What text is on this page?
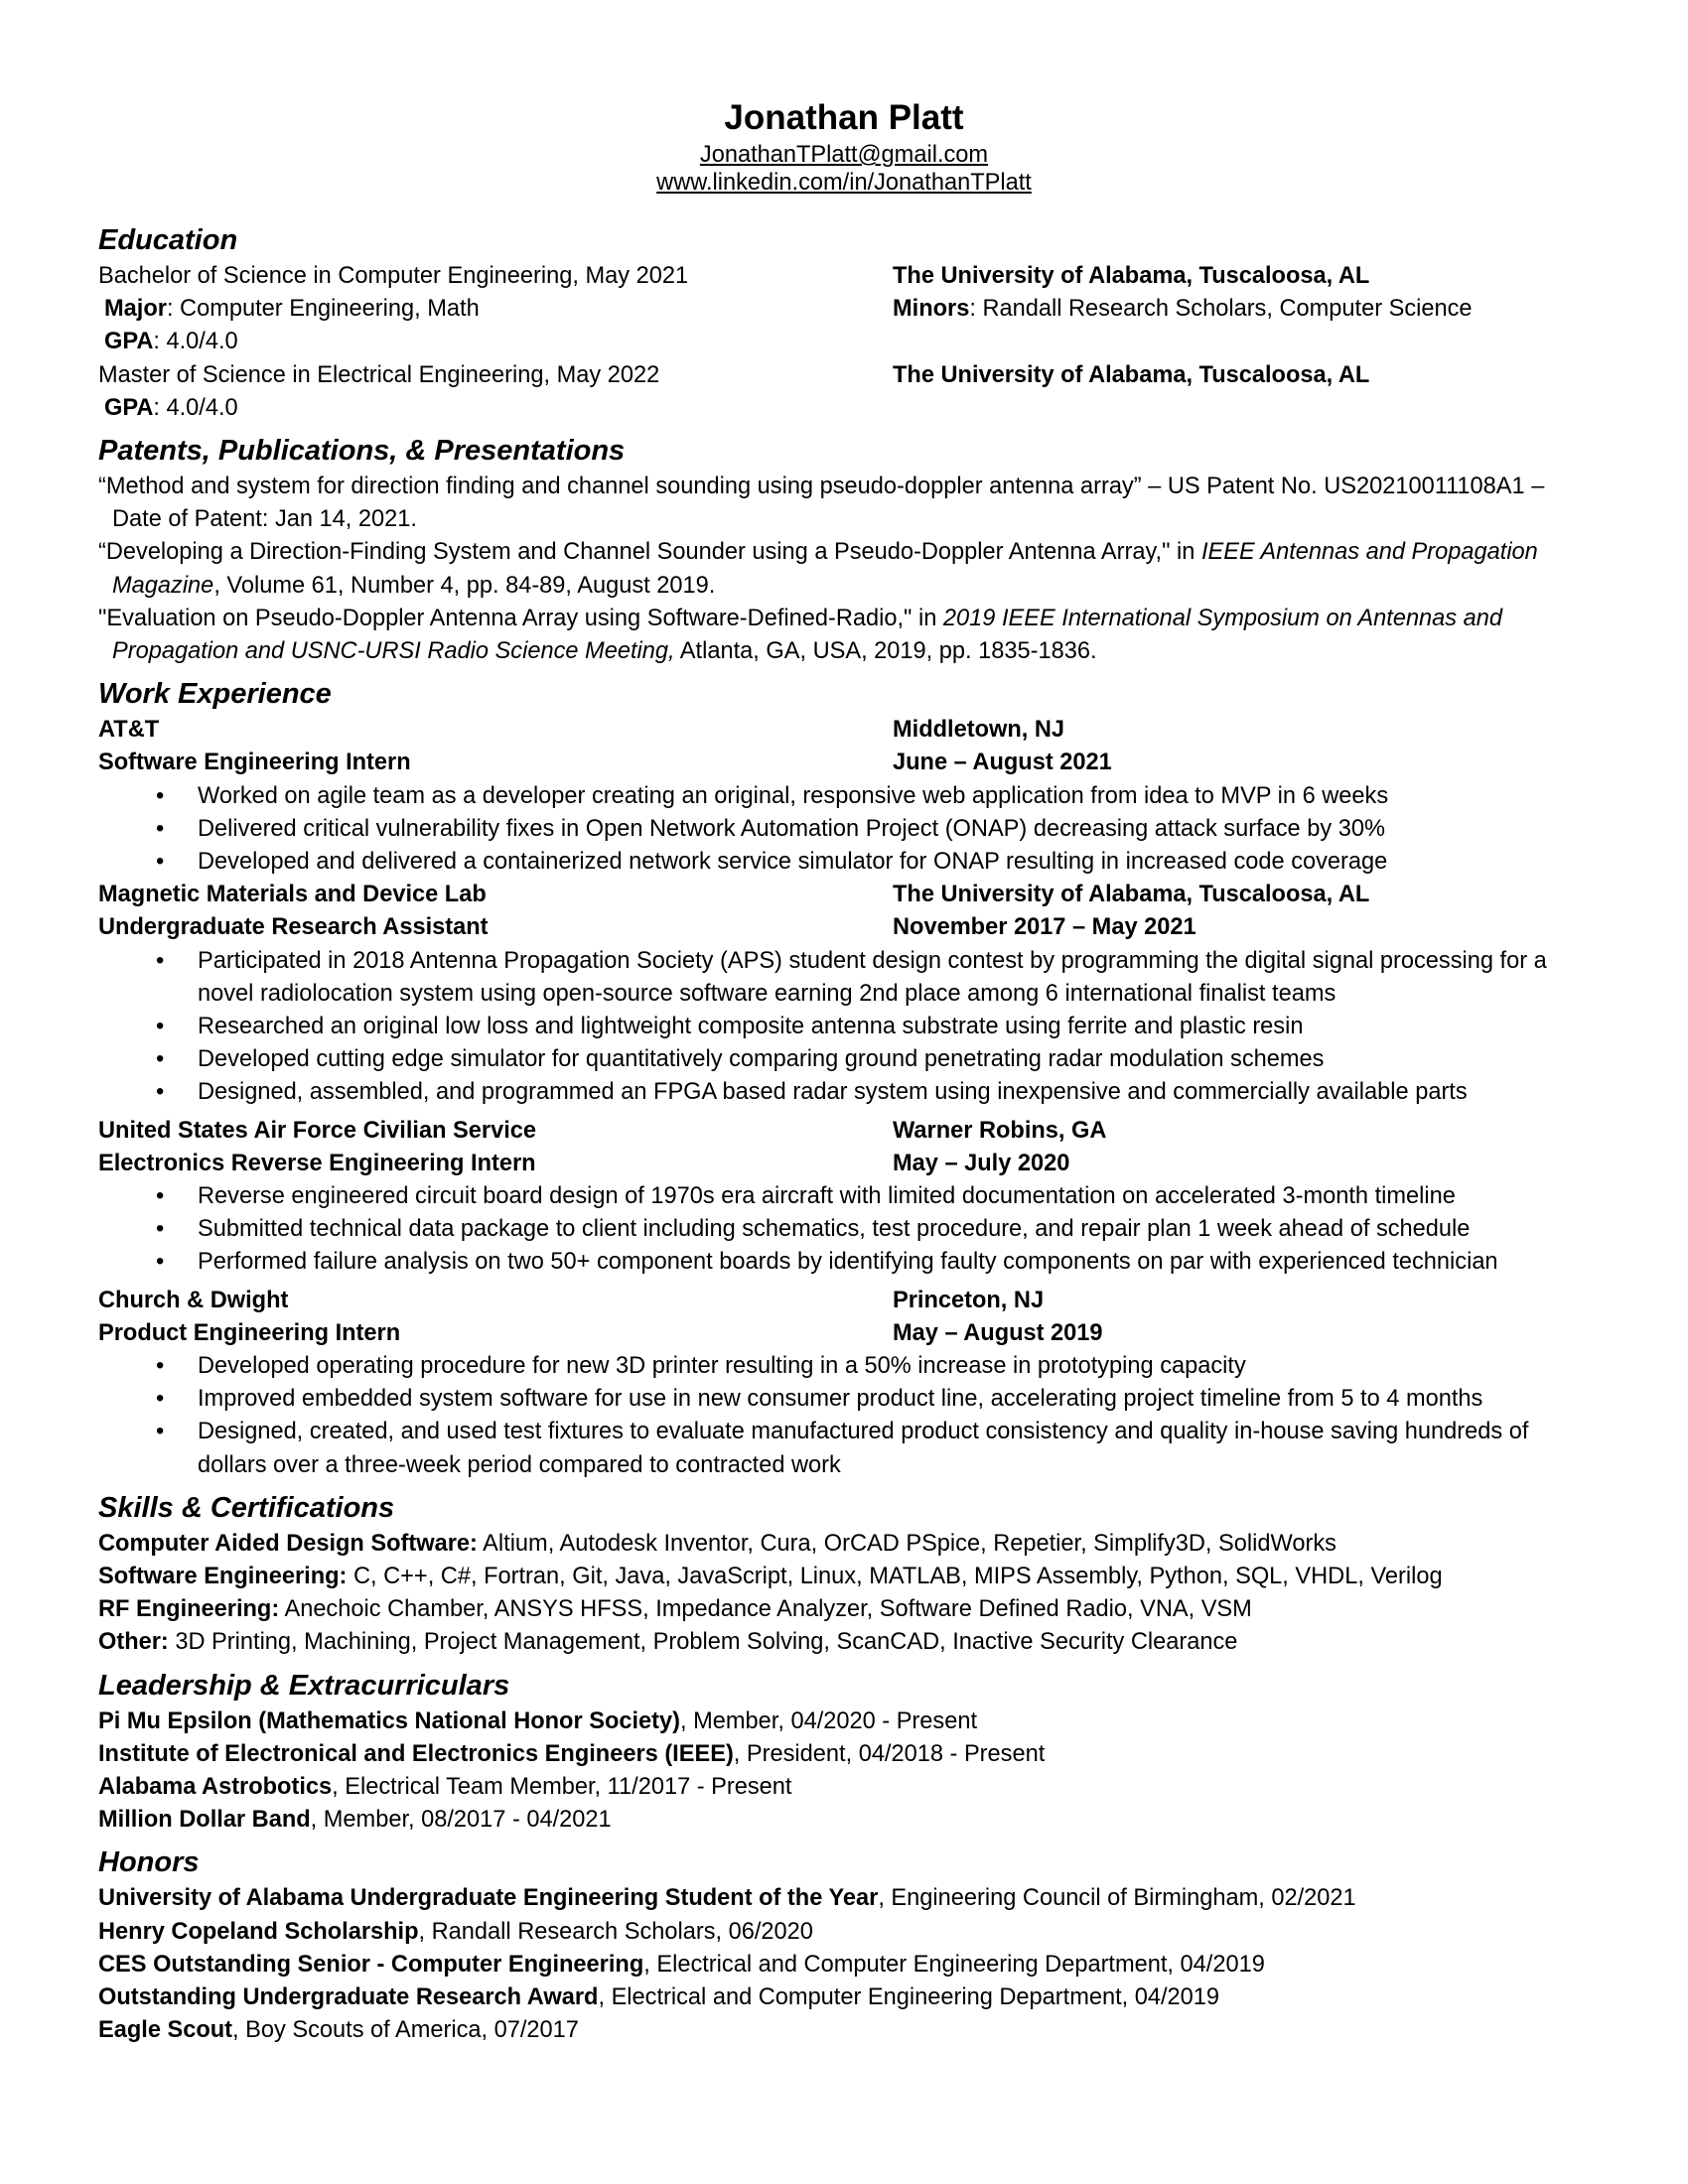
Jonathan Platt
JonathanTPlatt@gmail.com
www.linkedin.com/in/JonathanTPlatt
Education
Bachelor of Science in Computer Engineering, May 2021	The University of Alabama, Tuscaloosa, AL
Major: Computer Engineering, Math	Minors: Randall Research Scholars, Computer Science
GPA: 4.0/4.0
Master of Science in Electrical Engineering, May 2022	The University of Alabama, Tuscaloosa, AL
GPA: 4.0/4.0
Patents, Publications, & Presentations
“Method and system for direction finding and channel sounding using pseudo-doppler antenna array” – US Patent No. US20210011108A1 – Date of Patent: Jan 14, 2021.
“Developing a Direction-Finding System and Channel Sounder using a Pseudo-Doppler Antenna Array," in IEEE Antennas and Propagation Magazine, Volume 61, Number 4, pp. 84-89, August 2019.
"Evaluation on Pseudo-Doppler Antenna Array using Software-Defined-Radio," in 2019 IEEE International Symposium on Antennas and Propagation and USNC-URSI Radio Science Meeting, Atlanta, GA, USA, 2019, pp. 1835-1836.
Work Experience
AT&T	Middletown, NJ
Software Engineering Intern	June – August 2021
• Worked on agile team as a developer creating an original, responsive web application from idea to MVP in 6 weeks
• Delivered critical vulnerability fixes in Open Network Automation Project (ONAP) decreasing attack surface by 30%
• Developed and delivered a containerized network service simulator for ONAP resulting in increased code coverage
Magnetic Materials and Device Lab	The University of Alabama, Tuscaloosa, AL
Undergraduate Research Assistant	November 2017 – May 2021
• Participated in 2018 Antenna Propagation Society (APS) student design contest by programming the digital signal processing for a novel radiolocation system using open-source software earning 2nd place among 6 international finalist teams
• Researched an original low loss and lightweight composite antenna substrate using ferrite and plastic resin
• Developed cutting edge simulator for quantitatively comparing ground penetrating radar modulation schemes
• Designed, assembled, and programmed an FPGA based radar system using inexpensive and commercially available parts
United States Air Force Civilian Service	Warner Robins, GA
Electronics Reverse Engineering Intern	May – July 2020
• Reverse engineered circuit board design of 1970s era aircraft with limited documentation on accelerated 3-month timeline
• Submitted technical data package to client including schematics, test procedure, and repair plan 1 week ahead of schedule
• Performed failure analysis on two 50+ component boards by identifying faulty components on par with experienced technician
Church & Dwight	Princeton, NJ
Product Engineering Intern	May – August 2019
• Developed operating procedure for new 3D printer resulting in a 50% increase in prototyping capacity
• Improved embedded system software for use in new consumer product line, accelerating project timeline from 5 to 4 months
• Designed, created, and used test fixtures to evaluate manufactured product consistency and quality in-house saving hundreds of dollars over a three-week period compared to contracted work
Skills & Certifications
Computer Aided Design Software: Altium, Autodesk Inventor, Cura, OrCAD PSpice, Repetier, Simplify3D, SolidWorks
Software Engineering: C, C++, C#, Fortran, Git, Java, JavaScript, Linux, MATLAB, MIPS Assembly, Python, SQL, VHDL, Verilog
RF Engineering: Anechoic Chamber, ANSYS HFSS, Impedance Analyzer, Software Defined Radio, VNA, VSM
Other: 3D Printing, Machining, Project Management, Problem Solving, ScanCAD, Inactive Security Clearance
Leadership & Extracurriculars
Pi Mu Epsilon (Mathematics National Honor Society), Member, 04/2020 - Present
Institute of Electronical and Electronics Engineers (IEEE), President, 04/2018 - Present
Alabama Astrobotics, Electrical Team Member, 11/2017 - Present
Million Dollar Band, Member, 08/2017 - 04/2021
Honors
University of Alabama Undergraduate Engineering Student of the Year, Engineering Council of Birmingham, 02/2021
Henry Copeland Scholarship, Randall Research Scholars, 06/2020
CES Outstanding Senior - Computer Engineering, Electrical and Computer Engineering Department, 04/2019
Outstanding Undergraduate Research Award, Electrical and Computer Engineering Department, 04/2019
Eagle Scout, Boy Scouts of America, 07/2017
